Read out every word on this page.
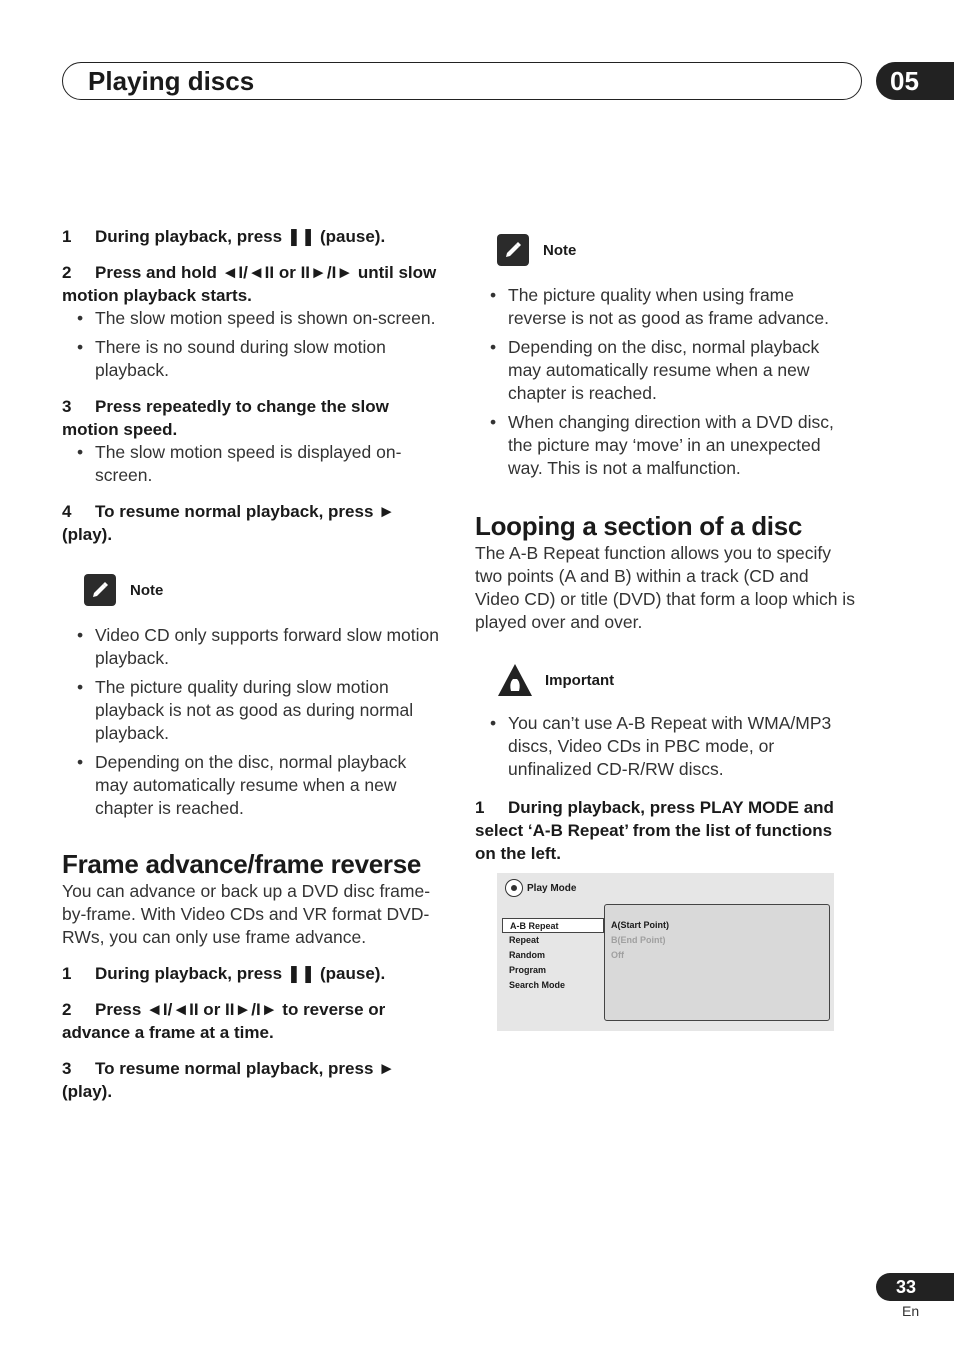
Playing discs	05
1 During playback, press ❚❚ (pause).
2 Press and hold ◄I/◄II or II►/I► until slow motion playback starts.
• The slow motion speed is shown on-screen.
• There is no sound during slow motion playback.
3 Press repeatedly to change the slow motion speed.
• The slow motion speed is displayed on-screen.
4 To resume normal playback, press ► (play).
Note
• Video CD only supports forward slow motion playback.
• The picture quality during slow motion playback is not as good as during normal playback.
• Depending on the disc, normal playback may automatically resume when a new chapter is reached.
Frame advance/frame reverse
You can advance or back up a DVD disc frame-by-frame. With Video CDs and VR format DVD-RWs, you can only use frame advance.
1 During playback, press ❚❚ (pause).
2 Press ◄I/◄II or II►/I► to reverse or advance a frame at a time.
3 To resume normal playback, press ► (play).
Note
• The picture quality when using frame reverse is not as good as frame advance.
• Depending on the disc, normal playback may automatically resume when a new chapter is reached.
• When changing direction with a DVD disc, the picture may ‘move’ in an unexpected way. This is not a malfunction.
Looping a section of a disc
The A-B Repeat function allows you to specify two points (A and B) within a track (CD and Video CD) or title (DVD) that form a loop which is played over and over.
Important
• You can’t use A-B Repeat with WMA/MP3 discs, Video CDs in PBC mode, or unfinalized CD-R/RW discs.
1 During playback, press PLAY MODE and select ‘A-B Repeat’ from the list of functions on the left.
Play Mode
A-B Repeat
Repeat
Random
Program
Search Mode
A(Start Point)
B(End Point)
Off
33
En
